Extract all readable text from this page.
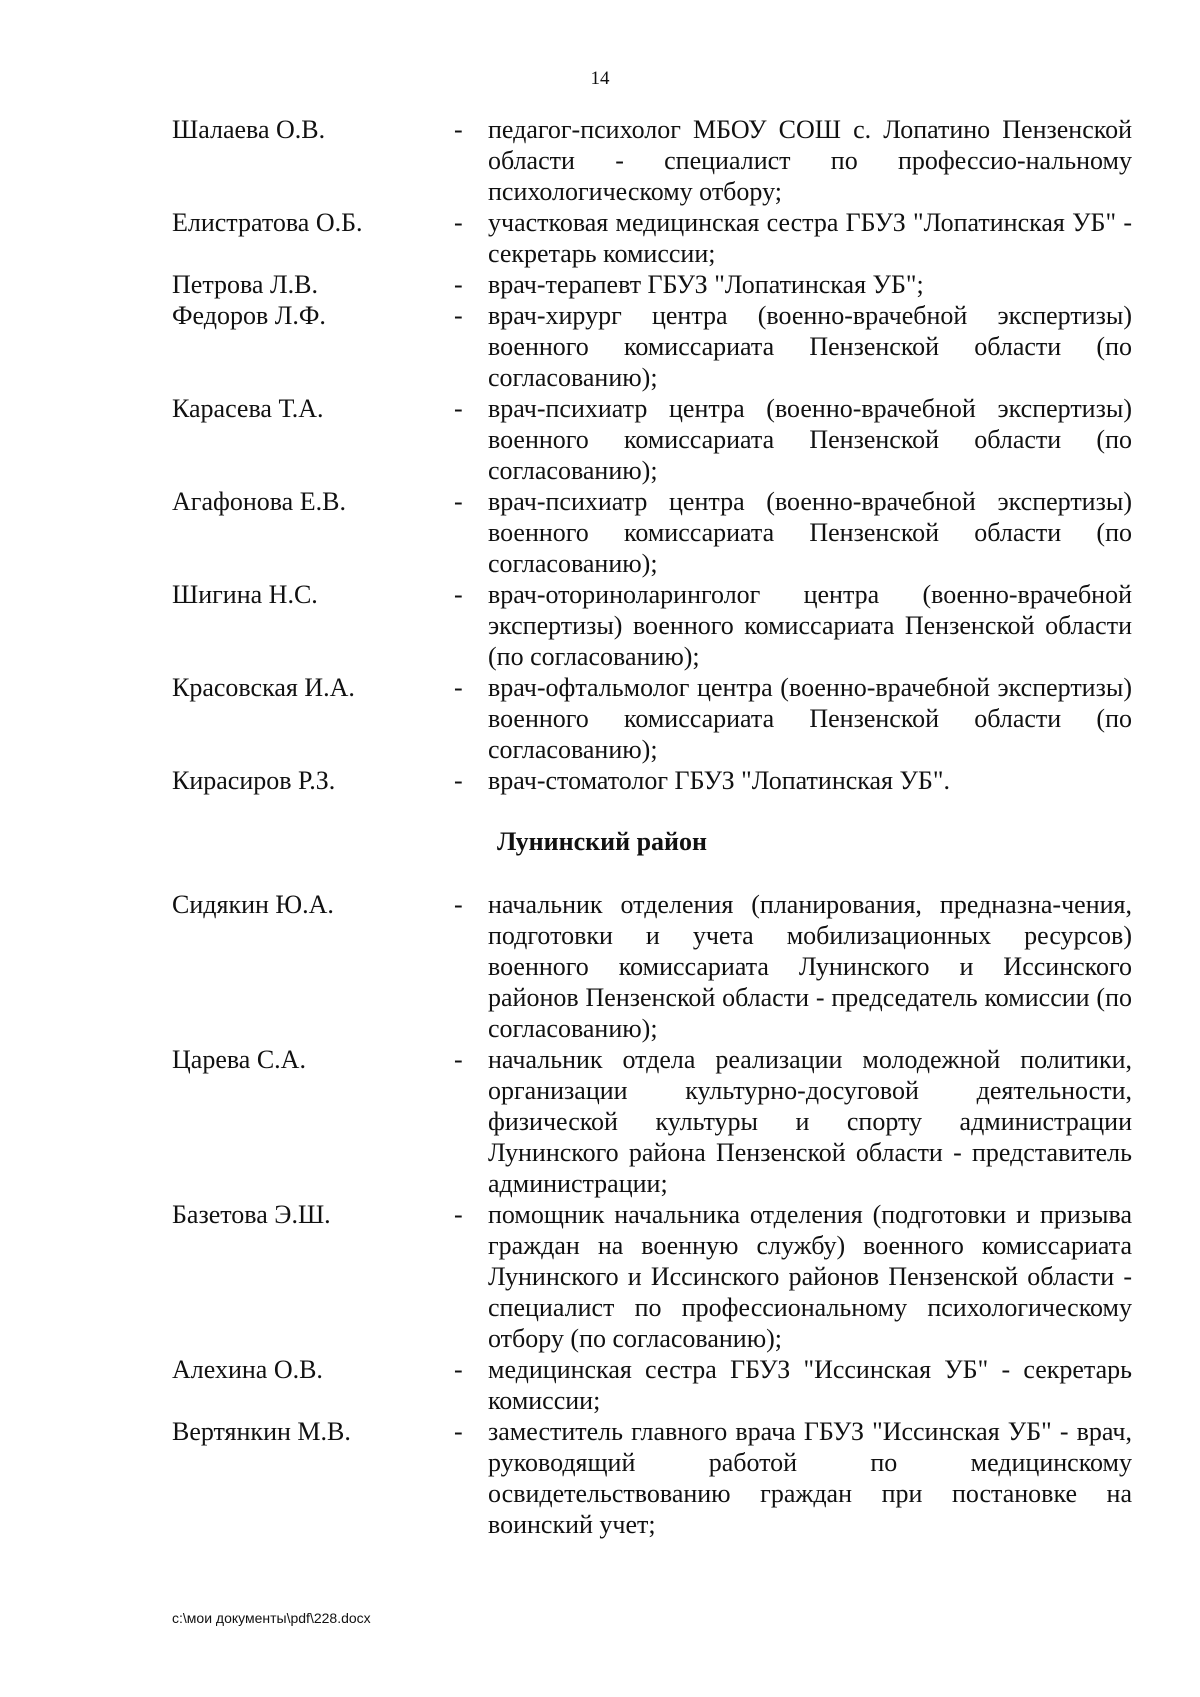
14
Шалаева О.В.	- педагог-психолог МБОУ СОШ с. Лопатино Пензенской области - специалист по профессио-нальному психологическому отбору;
Елистратова О.Б.	- участковая медицинская сестра ГБУЗ "Лопатинская УБ" - секретарь комиссии;
Петрова Л.В.	- врач-терапевт ГБУЗ "Лопатинская УБ";
Федоров Л.Ф.	- врач-хирург центра (военно-врачебной экспертизы) военного комиссариата Пензенской области (по согласованию);
Карасева Т.А.	- врач-психиатр центра (военно-врачебной экспертизы) военного комиссариата Пензенской области (по согласованию);
Агафонова Е.В.	- врач-психиатр центра (военно-врачебной экспертизы) военного комиссариата Пензенской области (по согласованию);
Шигина Н.С.	- врач-оториноларинголог центра (военно-врачебной экспертизы) военного комиссариата Пензенской области (по согласованию);
Красовская И.А.	- врач-офтальмолог центра (военно-врачебной экспертизы) военного комиссариата Пензенской области (по согласованию);
Кирасиров Р.З.	- врач-стоматолог ГБУЗ "Лопатинская УБ".
Лунинский район
Сидякин Ю.А.	- начальник отделения (планирования, предназна-чения, подготовки и учета мобилизационных ресурсов) военного комиссариата Лунинского и Иссинского районов Пензенской области - председатель комиссии (по согласованию);
Царева С.А.	- начальник отдела реализации молодежной политики, организации культурно-досуговой деятельности, физической культуры и спорту администрации Лунинского района Пензенской области - представитель администрации;
Базетова Э.Ш.	- помощник начальника отделения (подготовки и призыва граждан на военную службу) военного комиссариата Лунинского и Иссинского районов Пензенской области - специалист по профессиональному психологическому отбору (по согласованию);
Алехина О.В.	- медицинская сестра ГБУЗ "Иссинская УБ" - секретарь комиссии;
Вертянкин М.В.	- заместитель главного врача ГБУЗ "Иссинская УБ" - врач, руководящий работой по медицинскому освидетельствованию граждан при постановке на воинский учет;
c:\мои документы\pdf\228.docx
